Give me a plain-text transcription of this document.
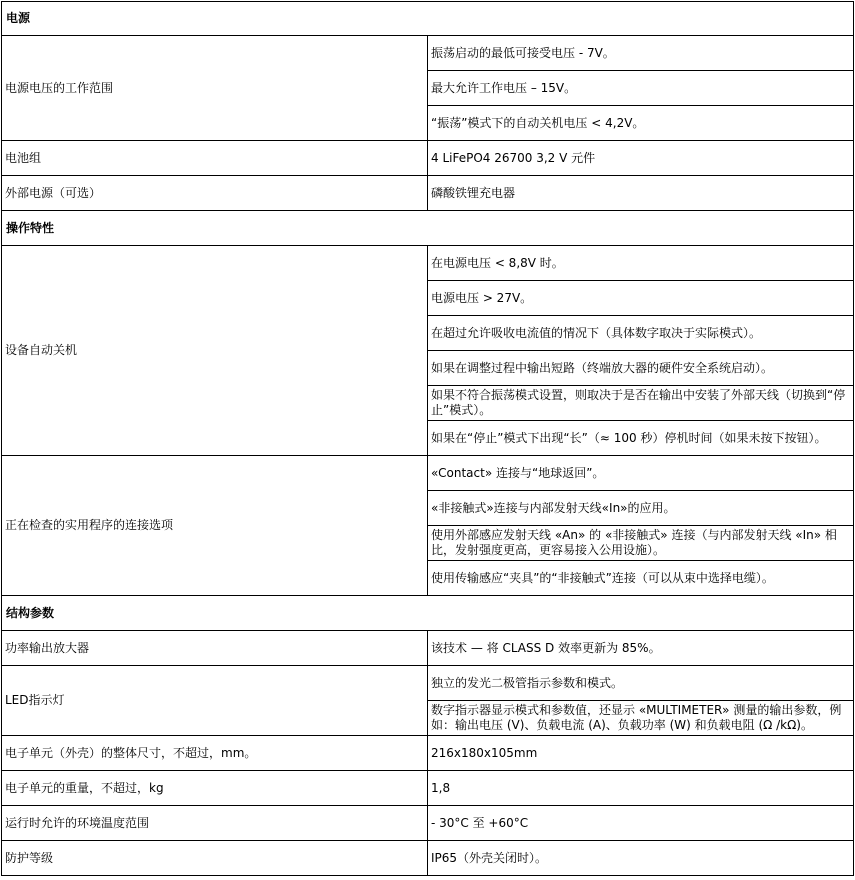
电源	
电源电压的工作范围	振荡启动的最低可接受电压 - 7V。
	最大允许工作电压 – 15V。
	“振荡”模式下的自动关机电压 < 4,2V。
电池组	4 LiFePO4 26700 3,2 V 元件
外部电源（可选）	磷酸铁锂充电器
操作特性	
设备自动关机	在电源电压 < 8,8V 时。
	电源电压 > 27V。
	在超过允许吸收电流值的情况下（具体数字取决于实际模式）。
	如果在调整过程中输出短路（终端放大器的硬件安全系统启动）。
	如果不符合振荡模式设置，则取决于是否在输出中安装了外部天线（切换到“停止”模式）。
	如果在“停止”模式下出现“长”（≈ 100 秒）停机时间（如果未按下按钮）。
正在检查的实用程序的连接选项	«Contact» 连接与“地球返回”。
	«非接触式»连接与内部发射天线«In»的应用。
	使用外部感应发射天线 «An» 的 «非接触式» 连接（与内部发射天线 «In» 相比，发射强度更高，更容易接入公用设施）。
	使用传输感应“夹具”的“非接触式”连接（可以从束中选择电缆）。
结构参数	
功率输出放大器	该技术 — 将 CLASS D 效率更新为 85%。
LED指示灯	独立的发光二极管指示参数和模式。
	数字指示器显示模式和参数值，还显示 «MULTIMETER» 测量的输出参数，例如：输出电压 (V)、负载电流 (A)、负载功率 (W) 和负载电阻 (Ω /kΩ)。
电子单元（外壳）的整体尺寸，不超过，mm。	216x180x105mm
电子单元的重量，不超过，kg	1,8
运行时允许的环境温度范围	- 30°C 至 +60°C
防护等级	IP65（外壳关闭时）。
